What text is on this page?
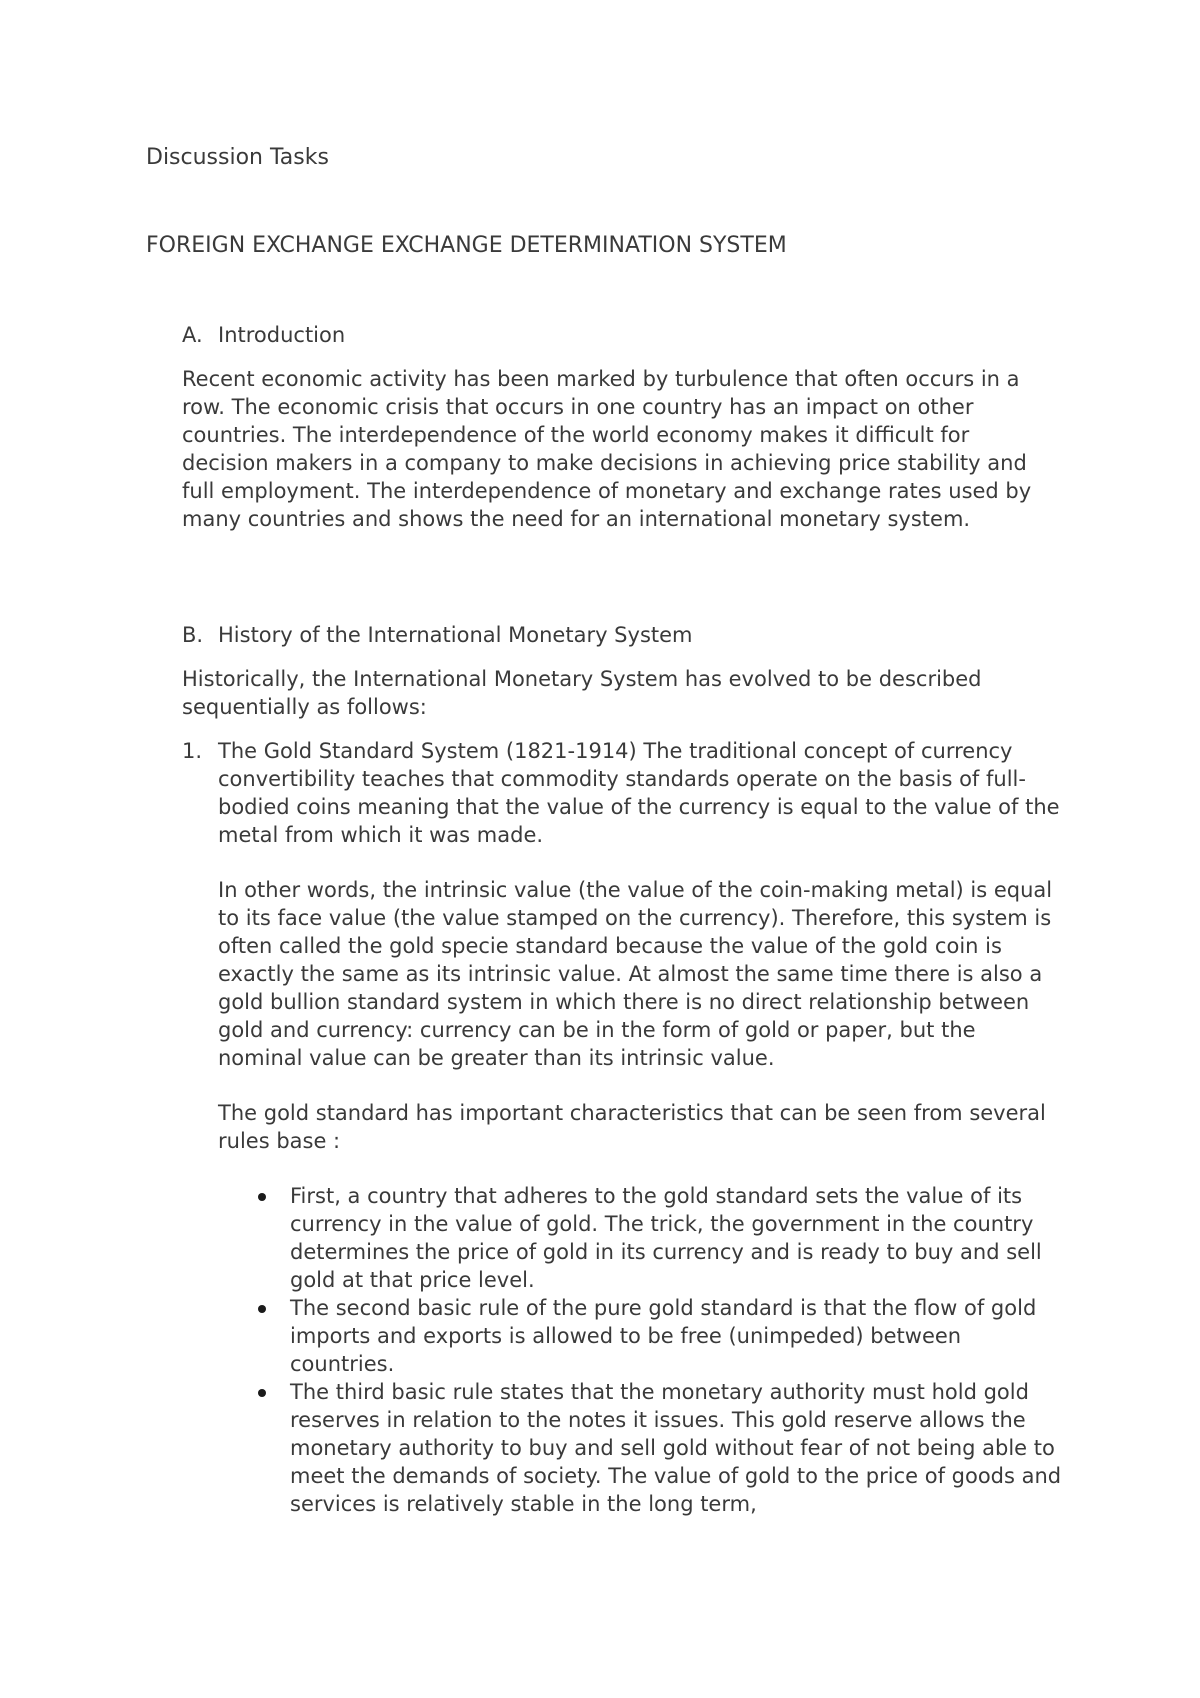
Discussion Tasks
FOREIGN EXCHANGE EXCHANGE DETERMINATION SYSTEM
A. Introduction

Recent economic activity has been marked by turbulence that often occurs in a row. The economic crisis that occurs in one country has an impact on other countries. The interdependence of the world economy makes it difficult for decision makers in a company to make decisions in achieving price stability and full employment. The interdependence of monetary and exchange rates used by many countries and shows the need for an international monetary system.

B. History of the International Monetary System

Historically, the International Monetary System has evolved to be described sequentially as follows:

1. The Gold Standard System (1821-1914) The traditional concept of currency convertibility teaches that commodity standards operate on the basis of full-bodied coins meaning that the value of the currency is equal to the value of the metal from which it was made.

In other words, the intrinsic value (the value of the coin-making metal) is equal to its face value (the value stamped on the currency). Therefore, this system is often called the gold specie standard because the value of the gold coin is exactly the same as its intrinsic value. At almost the same time there is also a gold bullion standard system in which there is no direct relationship between gold and currency: currency can be in the form of gold or paper, but the nominal value can be greater than its intrinsic value.

The gold standard has important characteristics that can be seen from several rules base :

First, a country that adheres to the gold standard sets the value of its currency in the value of gold. The trick, the government in the country determines the price of gold in its currency and is ready to buy and sell gold at that price level.
The second basic rule of the pure gold standard is that the flow of gold imports and exports is allowed to be free (unimpeded) between countries.
The third basic rule states that the monetary authority must hold gold reserves in relation to the notes it issues. This gold reserve allows the monetary authority to buy and sell gold without fear of not being able to meet the demands of society. The value of gold to the price of goods and services is relatively stable in the long term,
